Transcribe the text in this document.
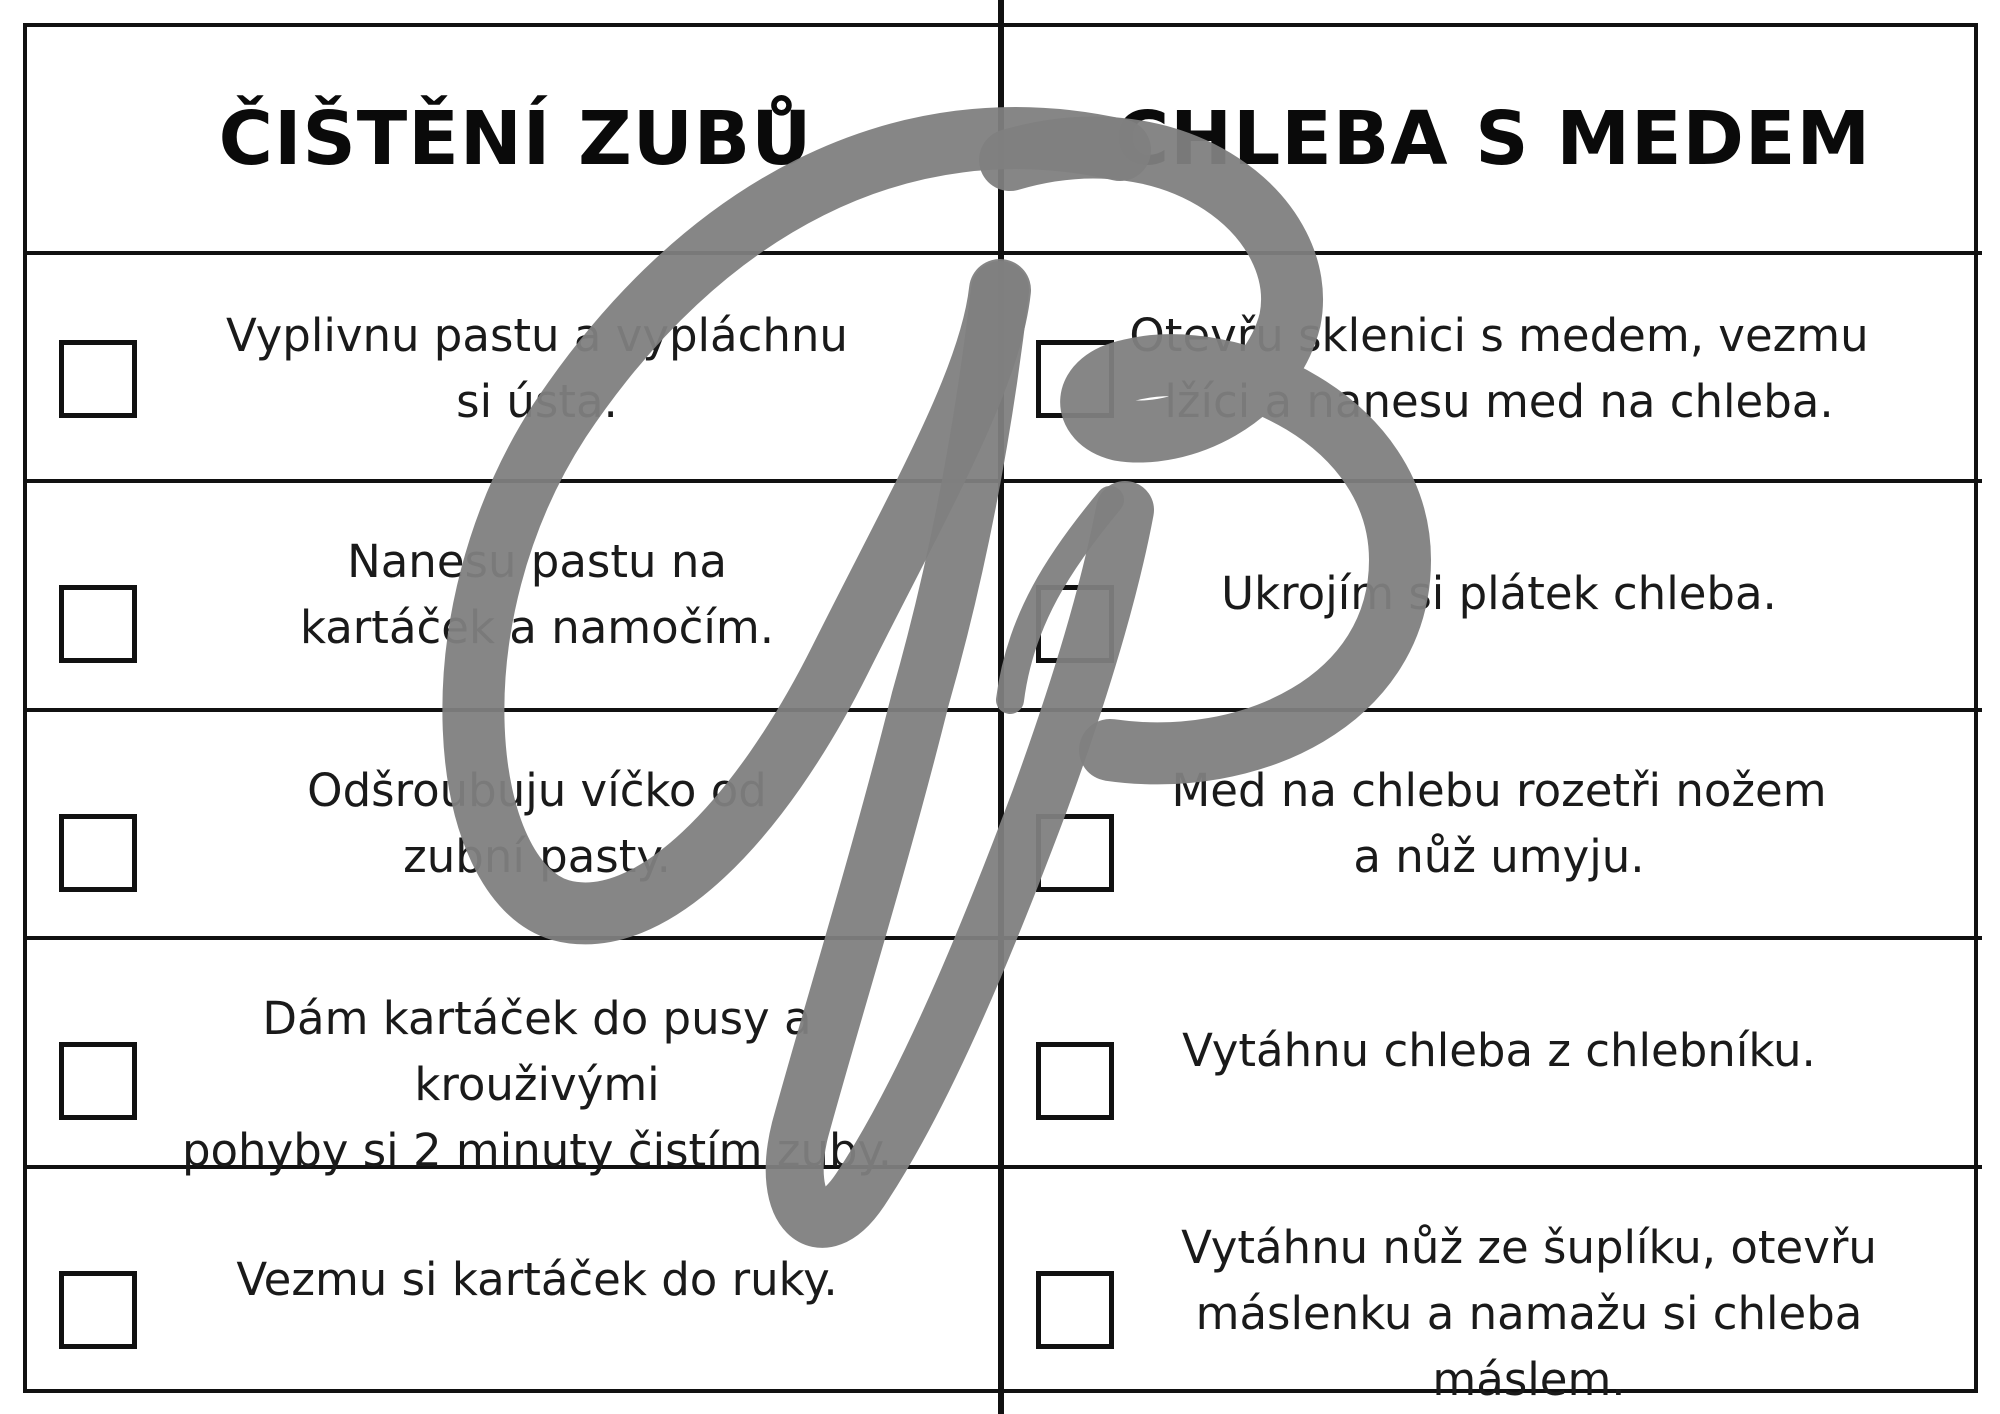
ČIŠTĚNÍ ZUBŮ	CHLEBA S MEDEM
Vyplivnu pastu a vypláchnu
si ústa.
Otevřu sklenici s medem, vezmu
lžíci a nanesu med na chleba.
Nanesu pastu na
kartáček a namočím.
Ukrojím si plátek chleba.
Odšroubuju víčko od
zubní pasty.
Med na chlebu rozetři nožem
a nůž umyju.
Dám kartáček do pusy a krouživými
pohyby si 2 minuty čistím zuby.
Vytáhnu chleba z chlebníku.
Vezmu si kartáček do ruky.
Vytáhnu nůž ze šuplíku, otevřu
máslenku a namažu si chleba máslem.
